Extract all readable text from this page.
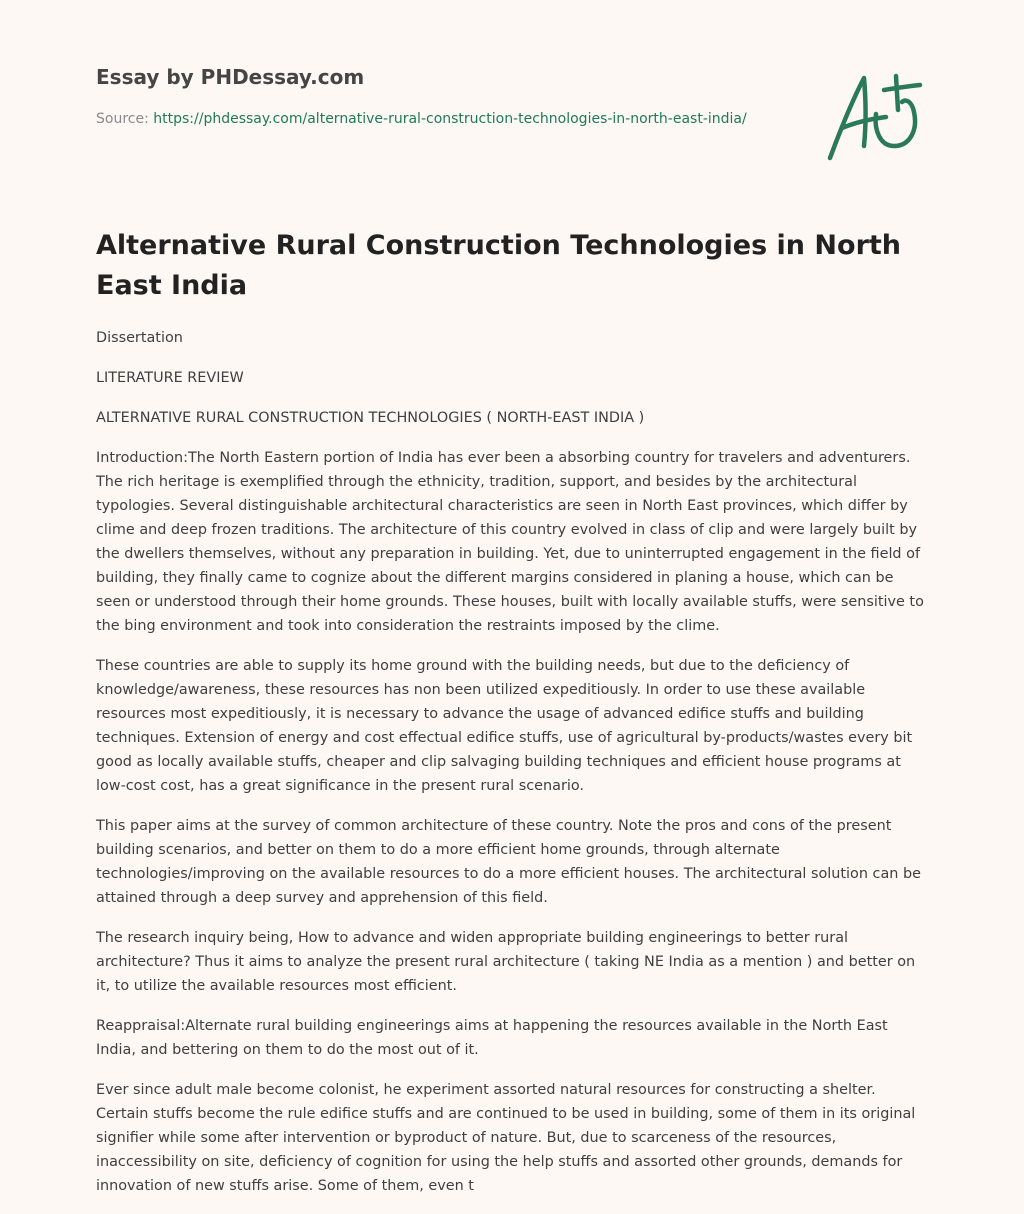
Essay by PHDessay.com
Source: https://phdessay.com/alternative-rural-construction-technologies-in-north-east-india/
Alternative Rural Construction Technologies in North East India

Dissertation

LITERATURE REVIEW

ALTERNATIVE RURAL CONSTRUCTION TECHNOLOGIES ( NORTH-EAST INDIA )

Introduction:The North Eastern portion of India has ever been a absorbing country for travelers and adventurers. The rich heritage is exemplified through the ethnicity, tradition, support, and besides by the architectural typologies. Several distinguishable architectural characteristics are seen in North East provinces, which differ by clime and deep frozen traditions. The architecture of this country evolved in class of clip and were largely built by the dwellers themselves, without any preparation in building. Yet, due to uninterrupted engagement in the field of building, they finally came to cognize about the different margins considered in planing a house, which can be seen or understood through their home grounds. These houses, built with locally available stuffs, were sensitive to the bing environment and took into consideration the restraints imposed by the clime.

These countries are able to supply its home ground with the building needs, but due to the deficiency of knowledge/awareness, these resources has non been utilized expeditiously. In order to use these available resources most expeditiously, it is necessary to advance the usage of advanced edifice stuffs and building techniques. Extension of energy and cost effectual edifice stuffs, use of agricultural by-products/wastes every bit good as locally available stuffs, cheaper and clip salvaging building techniques and efficient house programs at low-cost cost, has a great significance in the present rural scenario.

This paper aims at the survey of common architecture of these country. Note the pros and cons of the present building scenarios, and better on them to do a more efficient home grounds, through alternate technologies/improving on the available resources to do a more efficient houses. The architectural solution can be attained through a deep survey and apprehension of this field.

The research inquiry being, How to advance and widen appropriate building engineerings to better rural architecture? Thus it aims to analyze the present rural architecture ( taking NE India as a mention ) and better on it, to utilize the available resources most efficient.

Reappraisal:Alternate rural building engineerings aims at happening the resources available in the North East India, and bettering on them to do the most out of it.

Ever since adult male become colonist, he experiment assorted natural resources for constructing a shelter. Certain stuffs become the rule edifice stuffs and are continued to be used in building, some of them in its original signifier while some after intervention or byproduct of nature. But, due to scarceness of the resources, inaccessibility on site, deficiency of cognition for using the help stuffs and assorted other grounds, demands for innovation of new stuffs arise. Some of them, even t
